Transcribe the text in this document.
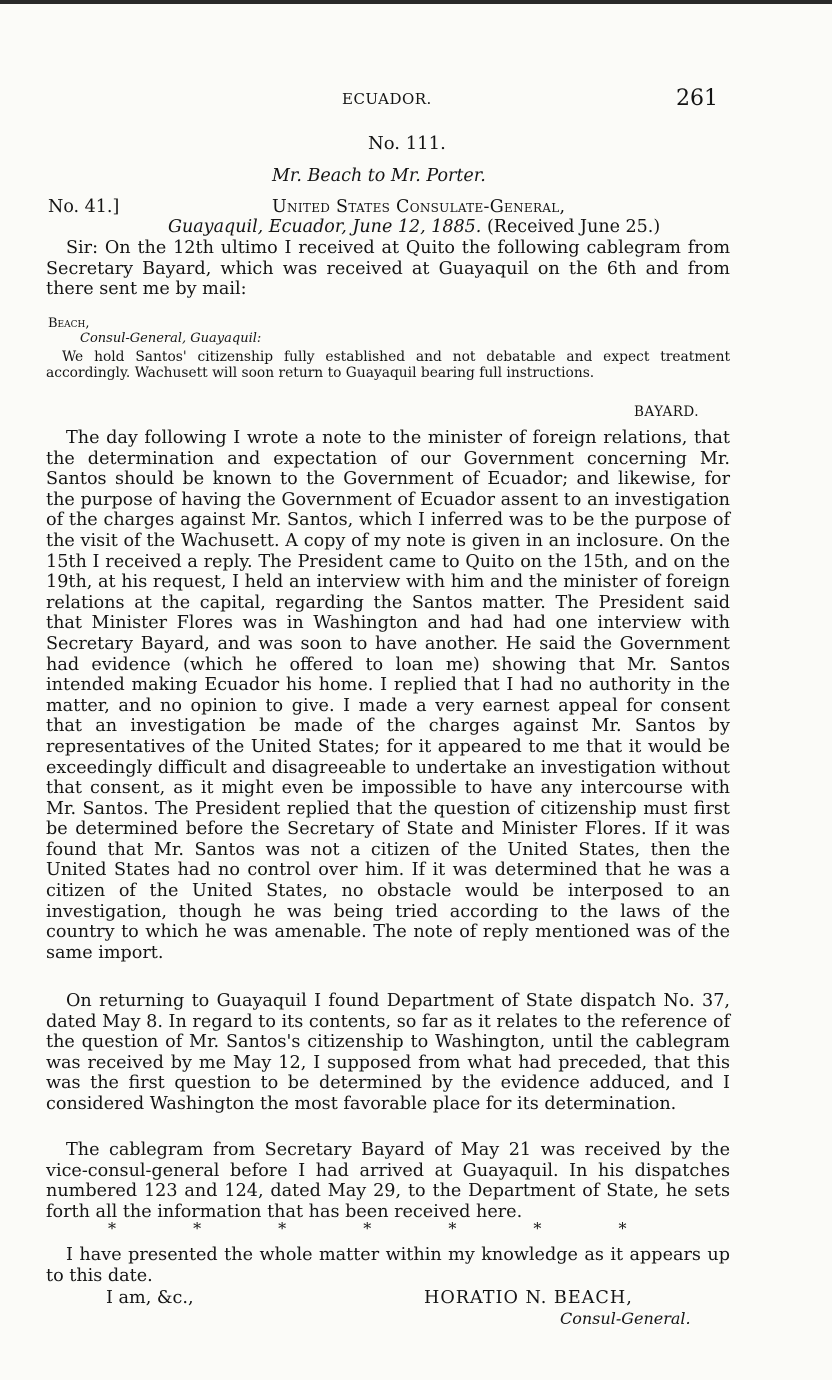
ECUADOR.	261
No. 111.
Mr. Beach to Mr. Porter.
No. 41.]	United States Consulate-General,
Guayaquil, Ecuador, June 12, 1885. (Received June 25.)

Sir: On the 12th ultimo I received at Quito the following cablegram from Secretary Bayard, which was received at Guayaquil on the 6th and from there sent me by mail:

Beach,
Consul-General, Guayaquil:

We hold Santos' citizenship fully established and not debatable and expect treatment accordingly. Wachusett will soon return to Guayaquil bearing full instructions.

BAYARD.

The day following I wrote a note to the minister of foreign relations, that the determination and expectation of our Government concerning Mr. Santos should be known to the Government of Ecuador; and likewise, for the purpose of having the Government of Ecuador assent to an investigation of the charges against Mr. Santos, which I inferred was to be the purpose of the visit of the Wachusett. A copy of my note is given in an inclosure. On the 15th I received a reply. The President came to Quito on the 15th, and on the 19th, at his request, I held an interview with him and the minister of foreign relations at the capital, regarding the Santos matter. The President said that Minister Flores was in Washington and had had one interview with Secretary Bayard, and was soon to have another. He said the Government had evidence (which he offered to loan me) showing that Mr. Santos intended making Ecuador his home. I replied that I had no authority in the matter, and no opinion to give. I made a very earnest appeal for consent that an investigation be made of the charges against Mr. Santos by representatives of the United States; for it appeared to me that it would be exceedingly difficult and disagreeable to undertake an investigation without that consent, as it might even be impossible to have any intercourse with Mr. Santos. The President replied that the question of citizenship must first be determined before the Secretary of State and Minister Flores. If it was found that Mr. Santos was not a citizen of the United States, then the United States had no control over him. If it was determined that he was a citizen of the United States, no obstacle would be interposed to an investigation, though he was being tried according to the laws of the country to which he was amenable. The note of reply mentioned was of the same import.

On returning to Guayaquil I found Department of State dispatch No. 37, dated May 8. In regard to its contents, so far as it relates to the reference of the question of Mr. Santos's citizenship to Washington, until the cablegram was received by me May 12, I supposed from what had preceded, that this was the first question to be determined by the evidence adduced, and I considered Washington the most favorable place for its determination.

The cablegram from Secretary Bayard of May 21 was received by the vice-consul-general before I had arrived at Guayaquil. In his dispatches numbered 123 and 124, dated May 29, to the Department of State, he sets forth all the information that has been received here.

* * * * * * *

I have presented the whole matter within my knowledge as it appears up to this date.

I am, &c.,	HORATIO N. BEACH,
Consul-General.
